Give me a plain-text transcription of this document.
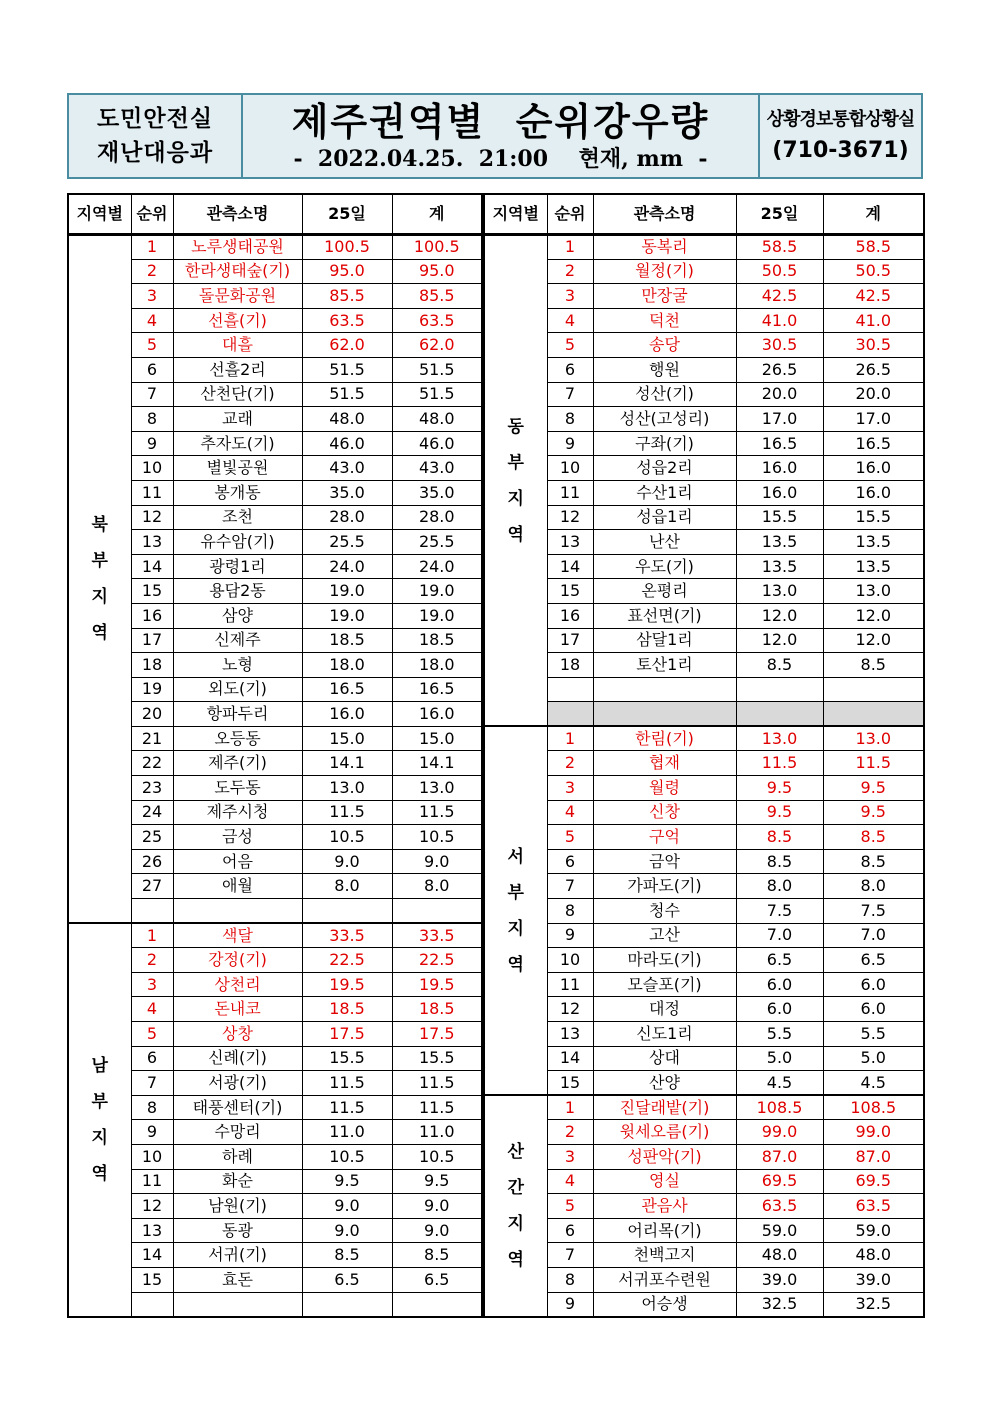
도민안전실
재난대응과
제주권역별  순위강우량
-  2022.04.25.  21:00    현재, mm  -
상황경보통합상황실
(710-3671)
지역별	순위	관측소명	25일	계

북
부
지
역	1	노루생태공원	100.5	100.5
	2	한라생태숲(기)	95.0	95.0
	3	돌문화공원	85.5	85.5
	4	선흘(기)	63.5	63.5
	5	대흘	62.0	62.0
	6	선흘2리	51.5	51.5
	7	산천단(기)	51.5	51.5
	8	교래	48.0	48.0
	9	추자도(기)	46.0	46.0
	10	별빛공원	43.0	43.0
	11	봉개동	35.0	35.0
	12	조천	28.0	28.0
	13	유수암(기)	25.5	25.5
	14	광령1리	24.0	24.0
	15	용담2동	19.0	19.0
	16	삼양	19.0	19.0
	17	신제주	18.5	18.5
	18	노형	18.0	18.0
	19	외도(기)	16.5	16.5
	20	항파두리	16.0	16.0
	21	오등동	15.0	15.0
	22	제주(기)	14.1	14.1
	23	도두동	13.0	13.0
	24	제주시청	11.5	11.5
	25	금성	10.5	10.5
	26	어음	9.0	9.0
	27	애월	8.0	8.0

남
부
지
역	1	색달	33.5	33.5
	2	강정(기)	22.5	22.5
	3	상천리	19.5	19.5
	4	돈내코	18.5	18.5
	5	상창	17.5	17.5
	6	신례(기)	15.5	15.5
	7	서광(기)	11.5	11.5
	8	태풍센터(기)	11.5	11.5
	9	수망리	11.0	11.0
	10	하례	10.5	10.5
	11	화순	9.5	9.5
	12	남원(기)	9.0	9.0
	13	동광	9.0	9.0
	14	서귀(기)	8.5	8.5
	15	효돈	6.5	6.5

지역별	순위	관측소명	25일	계

동
부
지
역	1	동복리	58.5	58.5
	2	월정(기)	50.5	50.5
	3	만장굴	42.5	42.5
	4	덕천	41.0	41.0
	5	송당	30.5	30.5
	6	행원	26.5	26.5
	7	성산(기)	20.0	20.0
	8	성산(고성리)	17.0	17.0
	9	구좌(기)	16.5	16.5
	10	성읍2리	16.0	16.0
	11	수산1리	16.0	16.0
	12	성읍1리	15.5	15.5
	13	난산	13.5	13.5
	14	우도(기)	13.5	13.5
	15	온평리	13.0	13.0
	16	표선면(기)	12.0	12.0
	17	삼달1리	12.0	12.0
	18	토산1리	8.5	8.5

서
부
지
역	1	한림(기)	13.0	13.0
	2	협재	11.5	11.5
	3	월령	9.5	9.5
	4	신창	9.5	9.5
	5	구억	8.5	8.5
	6	금악	8.5	8.5
	7	가파도(기)	8.0	8.0
	8	청수	7.5	7.5
	9	고산	7.0	7.0
	10	마라도(기)	6.5	6.5
	11	모슬포(기)	6.0	6.0
	12	대정	6.0	6.0
	13	신도1리	5.5	5.5
	14	상대	5.0	5.0
	15	산양	4.5	4.5

산
간
지
역	1	진달래밭(기)	108.5	108.5
	2	윗세오름(기)	99.0	99.0
	3	성판악(기)	87.0	87.0
	4	영실	69.5	69.5
	5	관음사	63.5	63.5
	6	어리목(기)	59.0	59.0
	7	천백고지	48.0	48.0
	8	서귀포수련원	39.0	39.0
	9	어승생	32.5	32.5
